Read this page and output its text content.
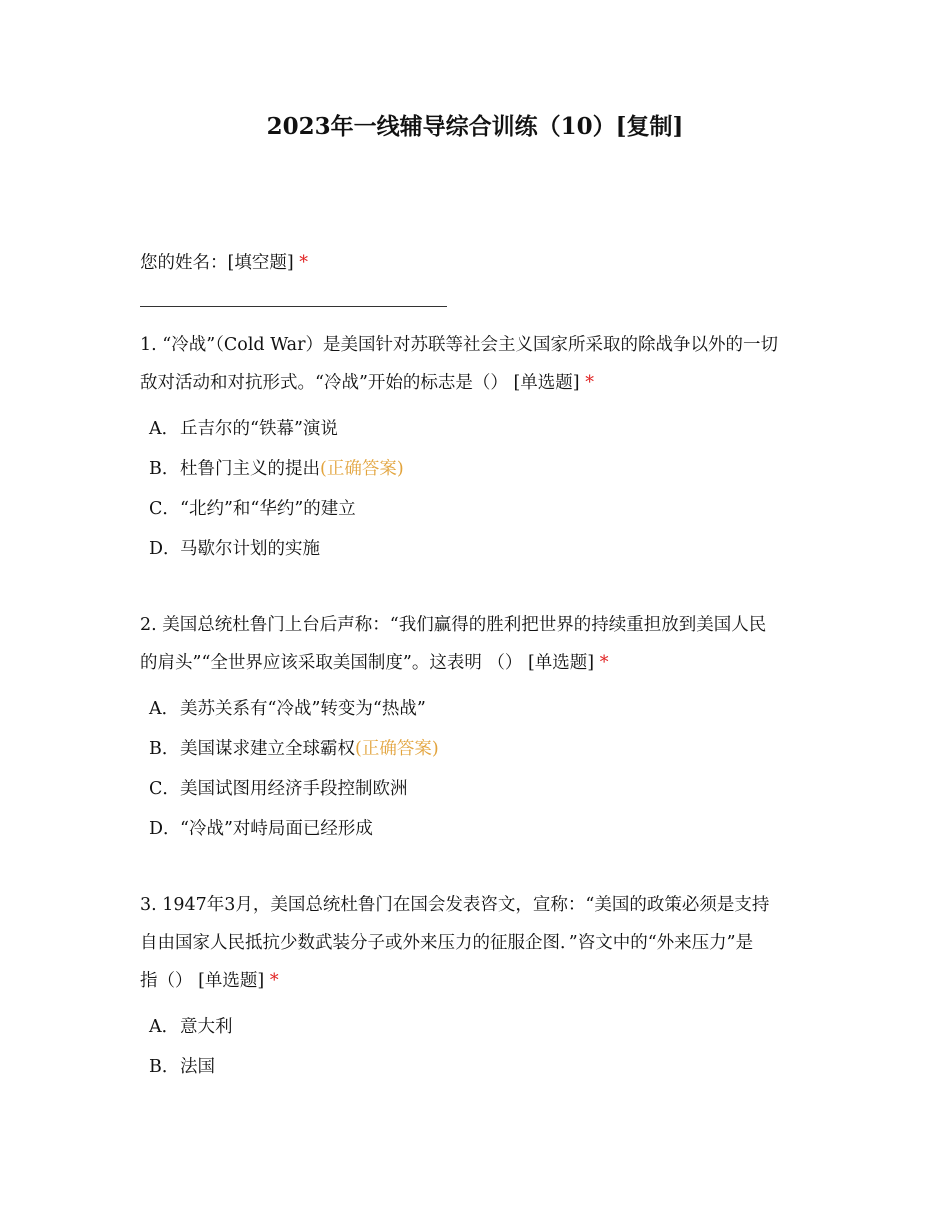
2023年一线辅导综合训练（10）[复制]
您的姓名：[填空题] *
1. “冷战”（Cold War）是美国针对苏联等社会主义国家所采取的除战争以外的一切
敌对活动和对抗形式。“冷战”开始的标志是（） [单选题] *
A．丘吉尔的“铁幕”演说
B．杜鲁门主义的提出(正确答案)
C．“北约”和“华约”的建立
D．马歇尔计划的实施
2. 美国总统杜鲁门上台后声称：“我们赢得的胜利把世界的持续重担放到美国人民
的肩头”“全世界应该采取美国制度”。这表明 （） [单选题] *
A．美苏关系有“冷战”转变为“热战”
B．美国谋求建立全球霸权(正确答案)
C．美国试图用经济手段控制欧洲
D．“冷战”对峙局面已经形成
3. 1947年3月，美国总统杜鲁门在国会发表咨文，宣称：“美国的政策必须是支持
自由国家人民抵抗少数武装分子或外来压力的征服企图．”咨文中的“外来压力”是
指（） [单选题] *
A．意大利
B．法国
